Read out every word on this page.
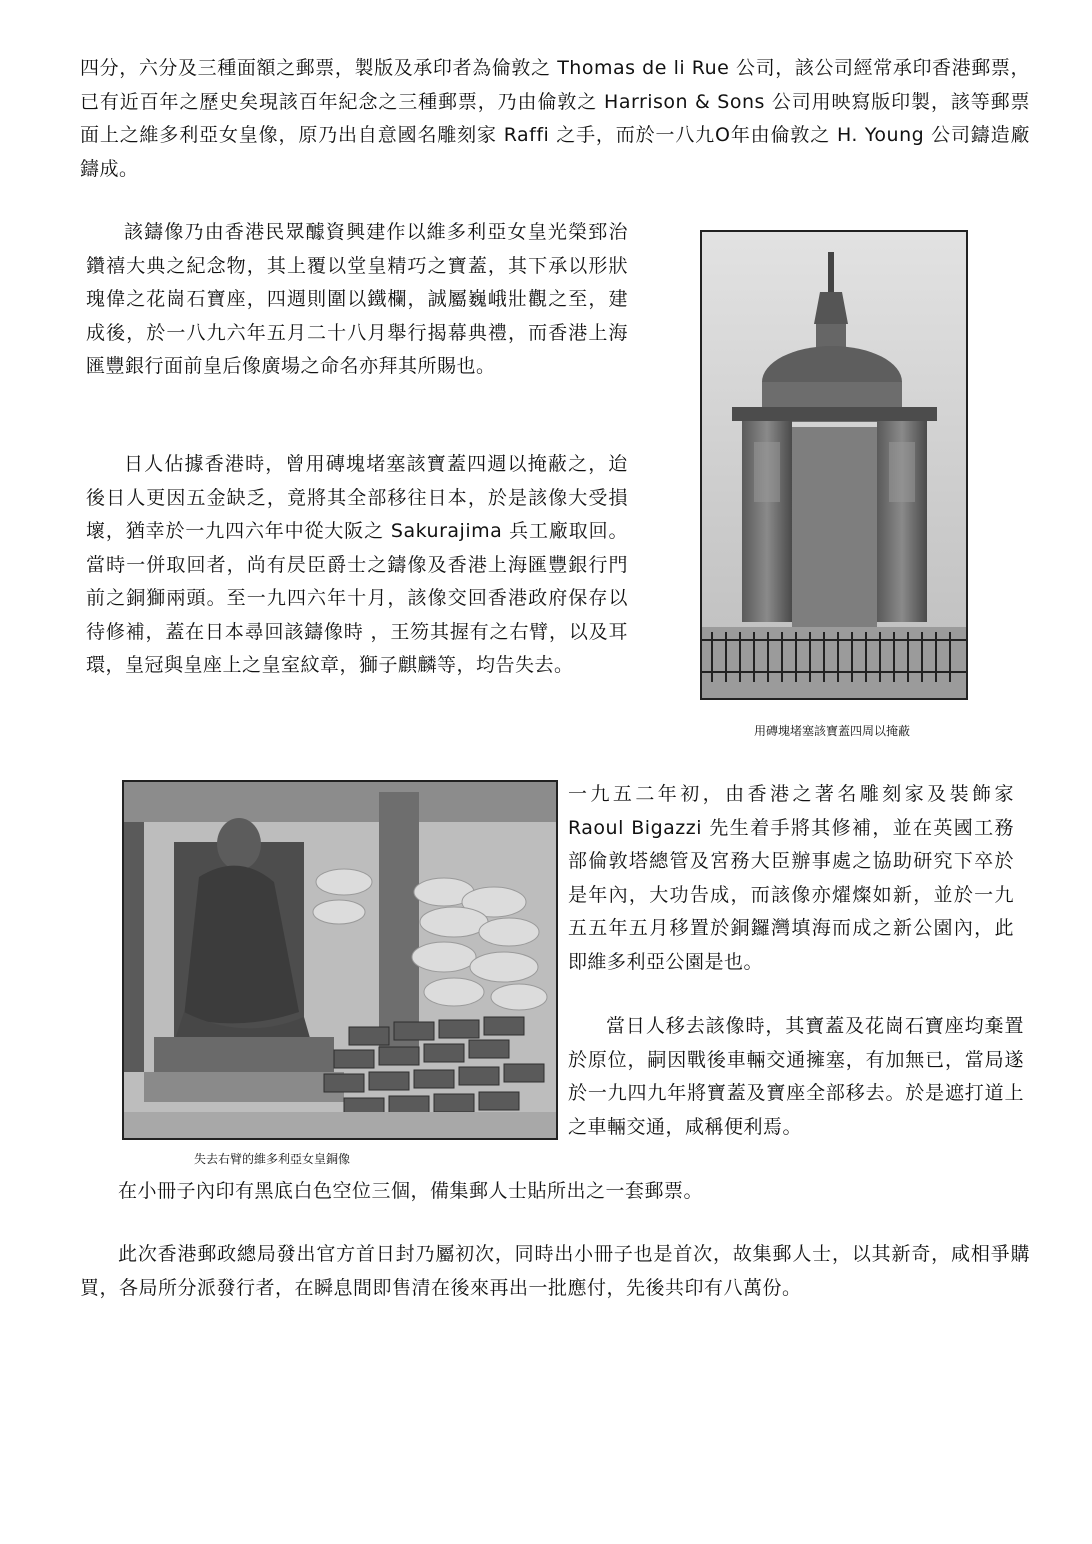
四分，六分及三種面額之郵票，製版及承印者為倫敦之 Thomas de li Rue 公司，該公司經常承印香港郵票，已有近百年之歷史矣現該百年紀念之三種郵票，乃由倫敦之 Harrison & Sons 公司用映寫版印製，該等郵票面上之維多利亞女皇像，原乃出自意國名雕刻家 Raffi 之手，而於一八九O年由倫敦之 H. Young 公司鑄造廠鑄成。

該鑄像乃由香港民眾醵資興建作以維多利亞女皇光榮郅治鑽禧大典之紀念物，其上覆以堂皇精巧之寶蓋，其下承以形狀瑰偉之花崗石寶座，四週則圍以鐵欄，誠屬巍峨壯觀之至，建成後，於一八九六年五月二十八月舉行揭幕典禮，而香港上海匯豐銀行面前皇后像廣場之命名亦拜其所賜也。

日人佔據香港時，曾用磚塊堵塞該寶蓋四週以掩蔽之，迨後日人更因五金缺乏，竟將其全部移往日本，於是該像大受損壞，猶幸於一九四六年中從大阪之 Sakurajima 兵工廠取回。當時一併取回者，尚有昃臣爵士之鑄像及香港上海匯豐銀行門前之銅獅兩頭。至一九四六年十月，該像交回香港政府保存以待修補，蓋在日本尋回該鑄像時 ，王笏其握有之右臂，以及耳環，皇冠與皇座上之皇室紋章，獅子麒麟等，均告失去。

用磚塊堵塞該寶蓋四周以掩蔽
失去右臂的維多利亞女皇銅像

一九五二年初，由香港之著名雕刻家及裝飾家 Raoul Bigazzi 先生着手將其修補，並在英國工務部倫敦塔總管及宮務大臣辦事處之協助研究下卒於是年內，大功告成，而該像亦燿燦如新，並於一九五五年五月移置於銅鑼灣填海而成之新公園內，此即維多利亞公園是也。

當日人移去該像時，其寶蓋及花崗石寶座均棄置於原位，嗣因戰後車輛交通擁塞，有加無已，當局遂於一九四九年將寶蓋及寶座全部移去。於是遮打道上之車輛交通，咸稱便利焉。

在小冊子內印有黑底白色空位三個，備集郵人士貼所出之一套郵票。

此次香港郵政總局發出官方首日封乃屬初次，同時出小冊子也是首次，故集郵人士，以其新奇，咸相爭購買，各局所分派發行者，在瞬息間即售清在後來再出一批應付，先後共印有八萬份。
